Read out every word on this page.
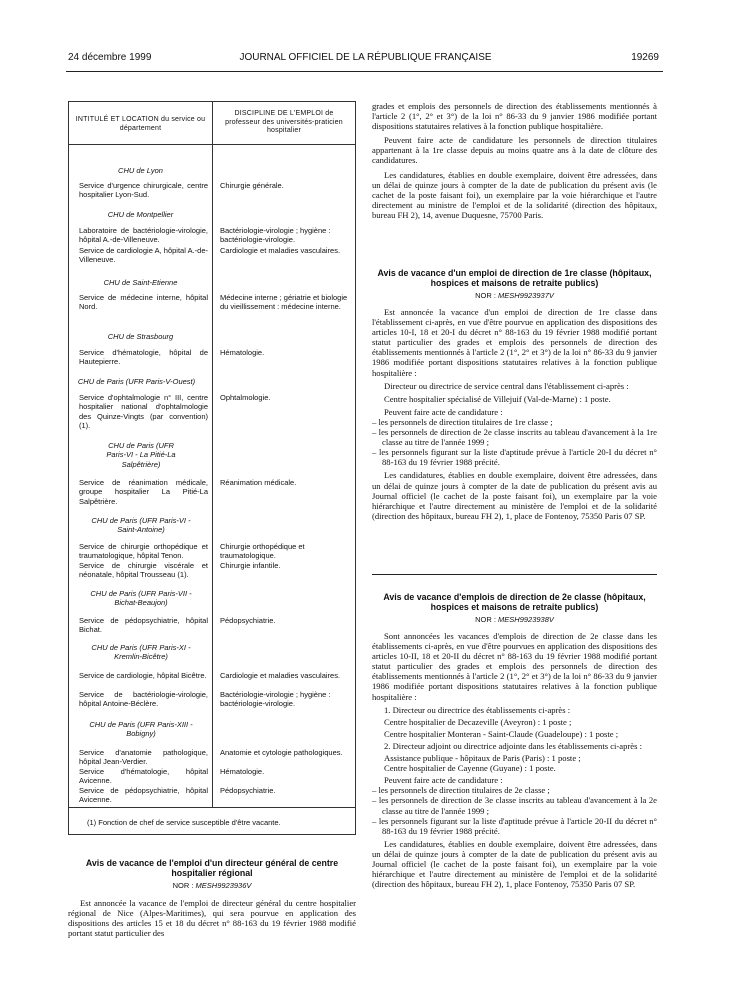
24 décembre 1999	JOURNAL OFFICIEL DE LA RÉPUBLIQUE FRANÇAISE	19269
INTITULÉ ET LOCATION du service ou département
DISCIPLINE DE L'EMPLOI de professeur des universités-praticien hospitalier
CHU de Lyon
CHU de Montpellier
CHU de Saint-Etienne
CHU de Strasbourg
CHU de Paris (UFR Paris-V-Ouest)
CHU de Paris (UFR Paris-VI - La Pitié-La Salpêtrière)
CHU de Paris (UFR Paris-VI - Saint-Antoine)
CHU de Paris (UFR Paris-VII - Bichat-Beaujon)
CHU de Paris (UFR Paris-XI - Kremlin-Bicêtre)
CHU de Paris (UFR Paris-XIII - Bobigny)
Service d'urgence chirurgicale, centre hospitalier Lyon-Sud.
Laboratoire de bactériologie-virologie, hôpital A.-de-Villeneuve.
Service de cardiologie A, hôpital A.-de-Villeneuve.
Service de médecine interne, hôpital Nord.
Service d'hématologie, hôpital de Hautepierre.
Service d'ophtalmologie n° III, centre hospitalier national d'ophtalmologie des Quinze-Vingts (par convention) (1).
Service de réanimation médicale, groupe hospitalier La Pitié-La Salpêtrière.
Service de chirurgie orthopédique et traumatologique, hôpital Tenon.
Service de chirurgie viscérale et néonatale, hôpital Trousseau (1).
Service de pédopsychiatrie, hôpital Bichat.
Service de cardiologie, hôpital Bicêtre.
Service de bactériologie-virologie, hôpital Antoine-Béclère.
Service d'anatomie pathologique, hôpital Jean-Verdier.
Service d'hématologie, hôpital Avicenne.
Service de pédopsychiatrie, hôpital Avicenne.
Chirurgie générale.
Bactériologie-virologie ; hygiène : bactériologie-virologie.
Cardiologie et maladies vasculaires.
Médecine interne ; gériatrie et biologie du vieillissement : médecine interne.
Hématologie.
Ophtalmologie.
Réanimation médicale.
Chirurgie orthopédique et traumatologique.
Chirurgie infantile.
Pédopsychiatrie.
Cardiologie et maladies vasculaires.
Bactériologie-virologie ; hygiène : bactériologie-virologie.
Anatomie et cytologie pathologiques.
Hématologie.
Pédopsychiatrie.
(1) Fonction de chef de service susceptible d'être vacante.

Avis de vacance de l'emploi d'un directeur général de centre hospitalier régional

NOR : MESH9923936V

Est annoncée la vacance de l'emploi de directeur général du centre hospitalier régional de Nice (Alpes-Maritimes), qui sera pourvue en application des dispositions des articles 15 et 18 du décret n° 88-163 du 19 février 1988 modifié portant statut particulier des

grades et emplois des personnels de direction des établissements mentionnés à l'article 2 (1°, 2° et 3°) de la loi n° 86-33 du 9 janvier 1986 modifiée portant dispositions statutaires relatives à la fonction publique hospitalière.

Peuvent faire acte de candidature les personnels de direction titulaires appartenant à la 1re classe depuis au moins quatre ans à la date de clôture des candidatures.

Les candidatures, établies en double exemplaire, doivent être adressées, dans un délai de quinze jours à compter de la date de publication du présent avis (le cachet de la poste faisant foi), un exemplaire par la voie hiérarchique et l'autre directement au ministre de l'emploi et de la solidarité (direction des hôpitaux, bureau FH 2), 14, avenue Duquesne, 75700 Paris.

Avis de vacance d'un emploi de direction de 1re classe (hôpitaux, hospices et maisons de retraite publics)

NOR : MESH9923937V

Est annoncée la vacance d'un emploi de direction de 1re classe dans l'établissement ci-après, en vue d'être pourvue en application des dispositions des articles 10-I, 18 et 20-I du décret n° 88-163 du 19 février 1988 modifié portant statut particulier des grades et emplois des personnels de direction des établissements mentionnés à l'article 2 (1°, 2° et 3°) de la loi n° 86-33 du 9 janvier 1986 modifiée portant dispositions statutaires relatives à la fonction publique hospitalière :

Directeur ou directrice de service central dans l'établissement ci-après :

Centre hospitalier spécialisé de Villejuif (Val-de-Marne) : 1 poste.

Peuvent faire acte de candidature :

– les personnels de direction titulaires de 1re classe ;

– les personnels de direction de 2e classe inscrits au tableau d'avancement à la 1re classe au titre de l'année 1999 ;

– les personnels figurant sur la liste d'aptitude prévue à l'article 20-I du décret n° 88-163 du 19 février 1988 précité.

Les candidatures, établies en double exemplaire, doivent être adressées, dans un délai de quinze jours à compter de la date de publication du présent avis au Journal officiel (le cachet de la poste faisant foi), un exemplaire par la voie hiérarchique et l'autre directement au ministère de l'emploi et de la solidarité (direction des hôpitaux, bureau FH 2), 1, place de Fontenoy, 75350 Paris 07 SP.

Avis de vacance d'emplois de direction de 2e classe (hôpitaux, hospices et maisons de retraite publics)

NOR : MESH9923938V

Sont annoncées les vacances d'emplois de direction de 2e classe dans les établissements ci-après, en vue d'être pourvues en application des dispositions des articles 10-II, 18 et 20-II du décret n° 88-163 du 19 février 1988 modifié portant statut particulier des grades et emplois des personnels de direction des établissements mentionnés à l'article 2 (1°, 2° et 3°) de la loi n° 86-33 du 9 janvier 1986 modifiée portant dispositions statutaires relatives à la fonction publique hospitalière :

1. Directeur ou directrice des établissements ci-après :

Centre hospitalier de Decazeville (Aveyron) : 1 poste ;

Centre hospitalier Monteran - Saint-Claude (Guadeloupe) : 1 poste ;

2. Directeur adjoint ou directrice adjointe dans les établissements ci-après :

Assistance publique - hôpitaux de Paris (Paris) : 1 poste ;

Centre hospitalier de Cayenne (Guyane) : 1 poste.

Peuvent faire acte de candidature :

– les personnels de direction titulaires de 2e classe ;

– les personnels de direction de 3e classe inscrits au tableau d'avancement à la 2e classe au titre de l'année 1999 ;

– les personnels figurant sur la liste d'aptitude prévue à l'article 20-II du décret n° 88-163 du 19 février 1988 précité.

Les candidatures, établies en double exemplaire, doivent être adressées, dans un délai de quinze jours à compter de la date de publication du présent avis au Journal officiel (le cachet de la poste faisant foi), un exemplaire par la voie hiérarchique et l'autre directement au ministère de l'emploi et de la solidarité (direction des hôpitaux, bureau FH 2), 1, place Fontenoy, 75350 Paris 07 SP.
